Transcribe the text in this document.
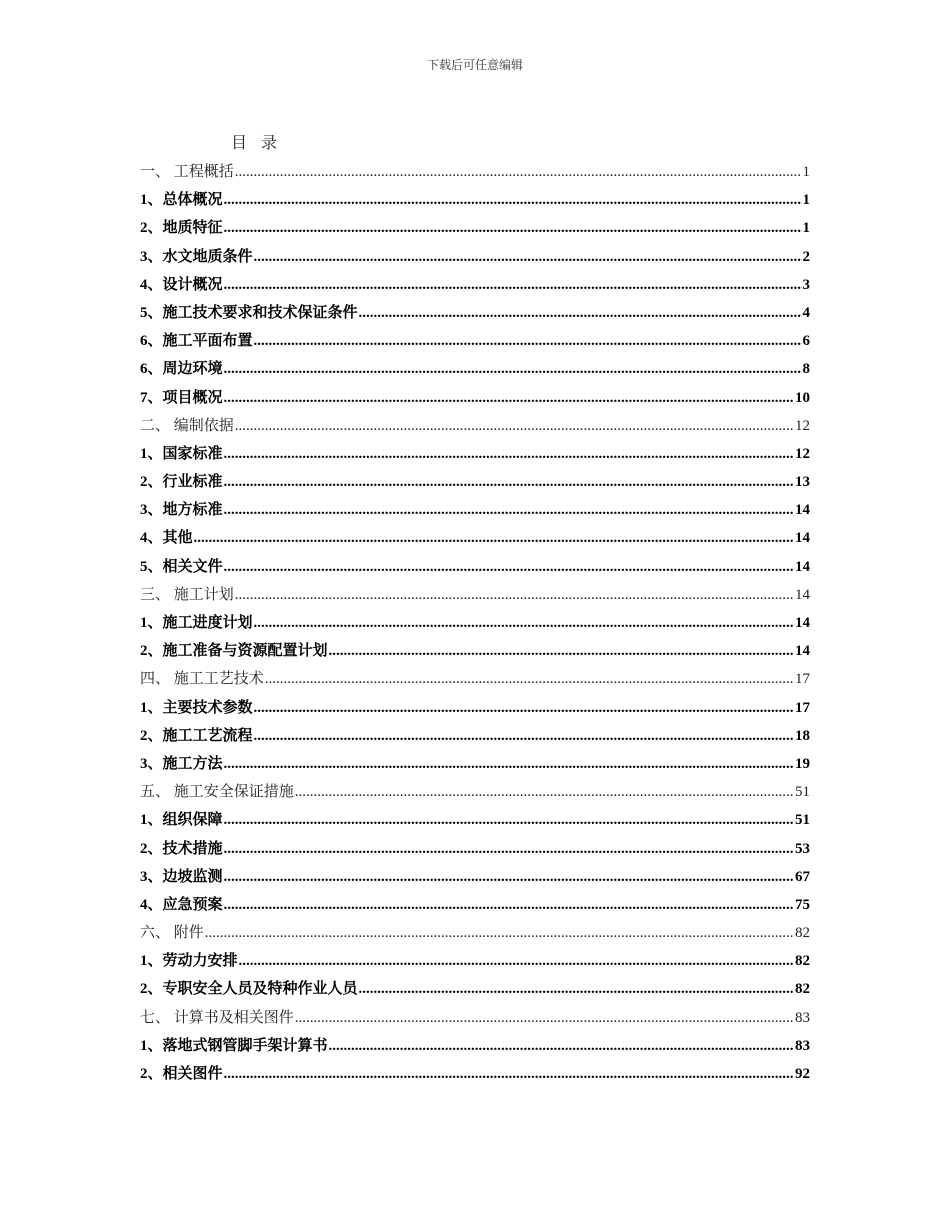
下载后可任意编辑
目录
一、 工程概括 .....	1
1、总体概况 .....	1
2、地质特征 .....	1
3、水文地质条件 .....	2
4、设计概况 .....	3
5、施工技术要求和技术保证条件 .....	4
6、施工平面布置 .....	6
6、周边环境 .....	8
7、项目概况 .....	10
二、 编制依据 .....	12
1、国家标准 .....	12
2、行业标准 .....	13
3、地方标准 .....	14
4、其他 .....	14
5、相关文件 .....	14
三、 施工计划 .....	14
1、施工进度计划 .....	14
2、施工准备与资源配置计划 .....	14
四、 施工工艺技术 .....	17
1、主要技术参数 .....	17
2、施工工艺流程 .....	18
3、施工方法 .....	19
五、 施工安全保证措施 .....	51
1、组织保障 .....	51
2、技术措施 .....	53
3、边坡监测 .....	67
4、应急预案 .....	75
六、 附件 .....	82
1、劳动力安排 .....	82
2、专职安全人员及特种作业人员 .....	82
七、 计算书及相关图件 .....	83
1、落地式钢管脚手架计算书 .....	83
2、相关图件 .....	92
